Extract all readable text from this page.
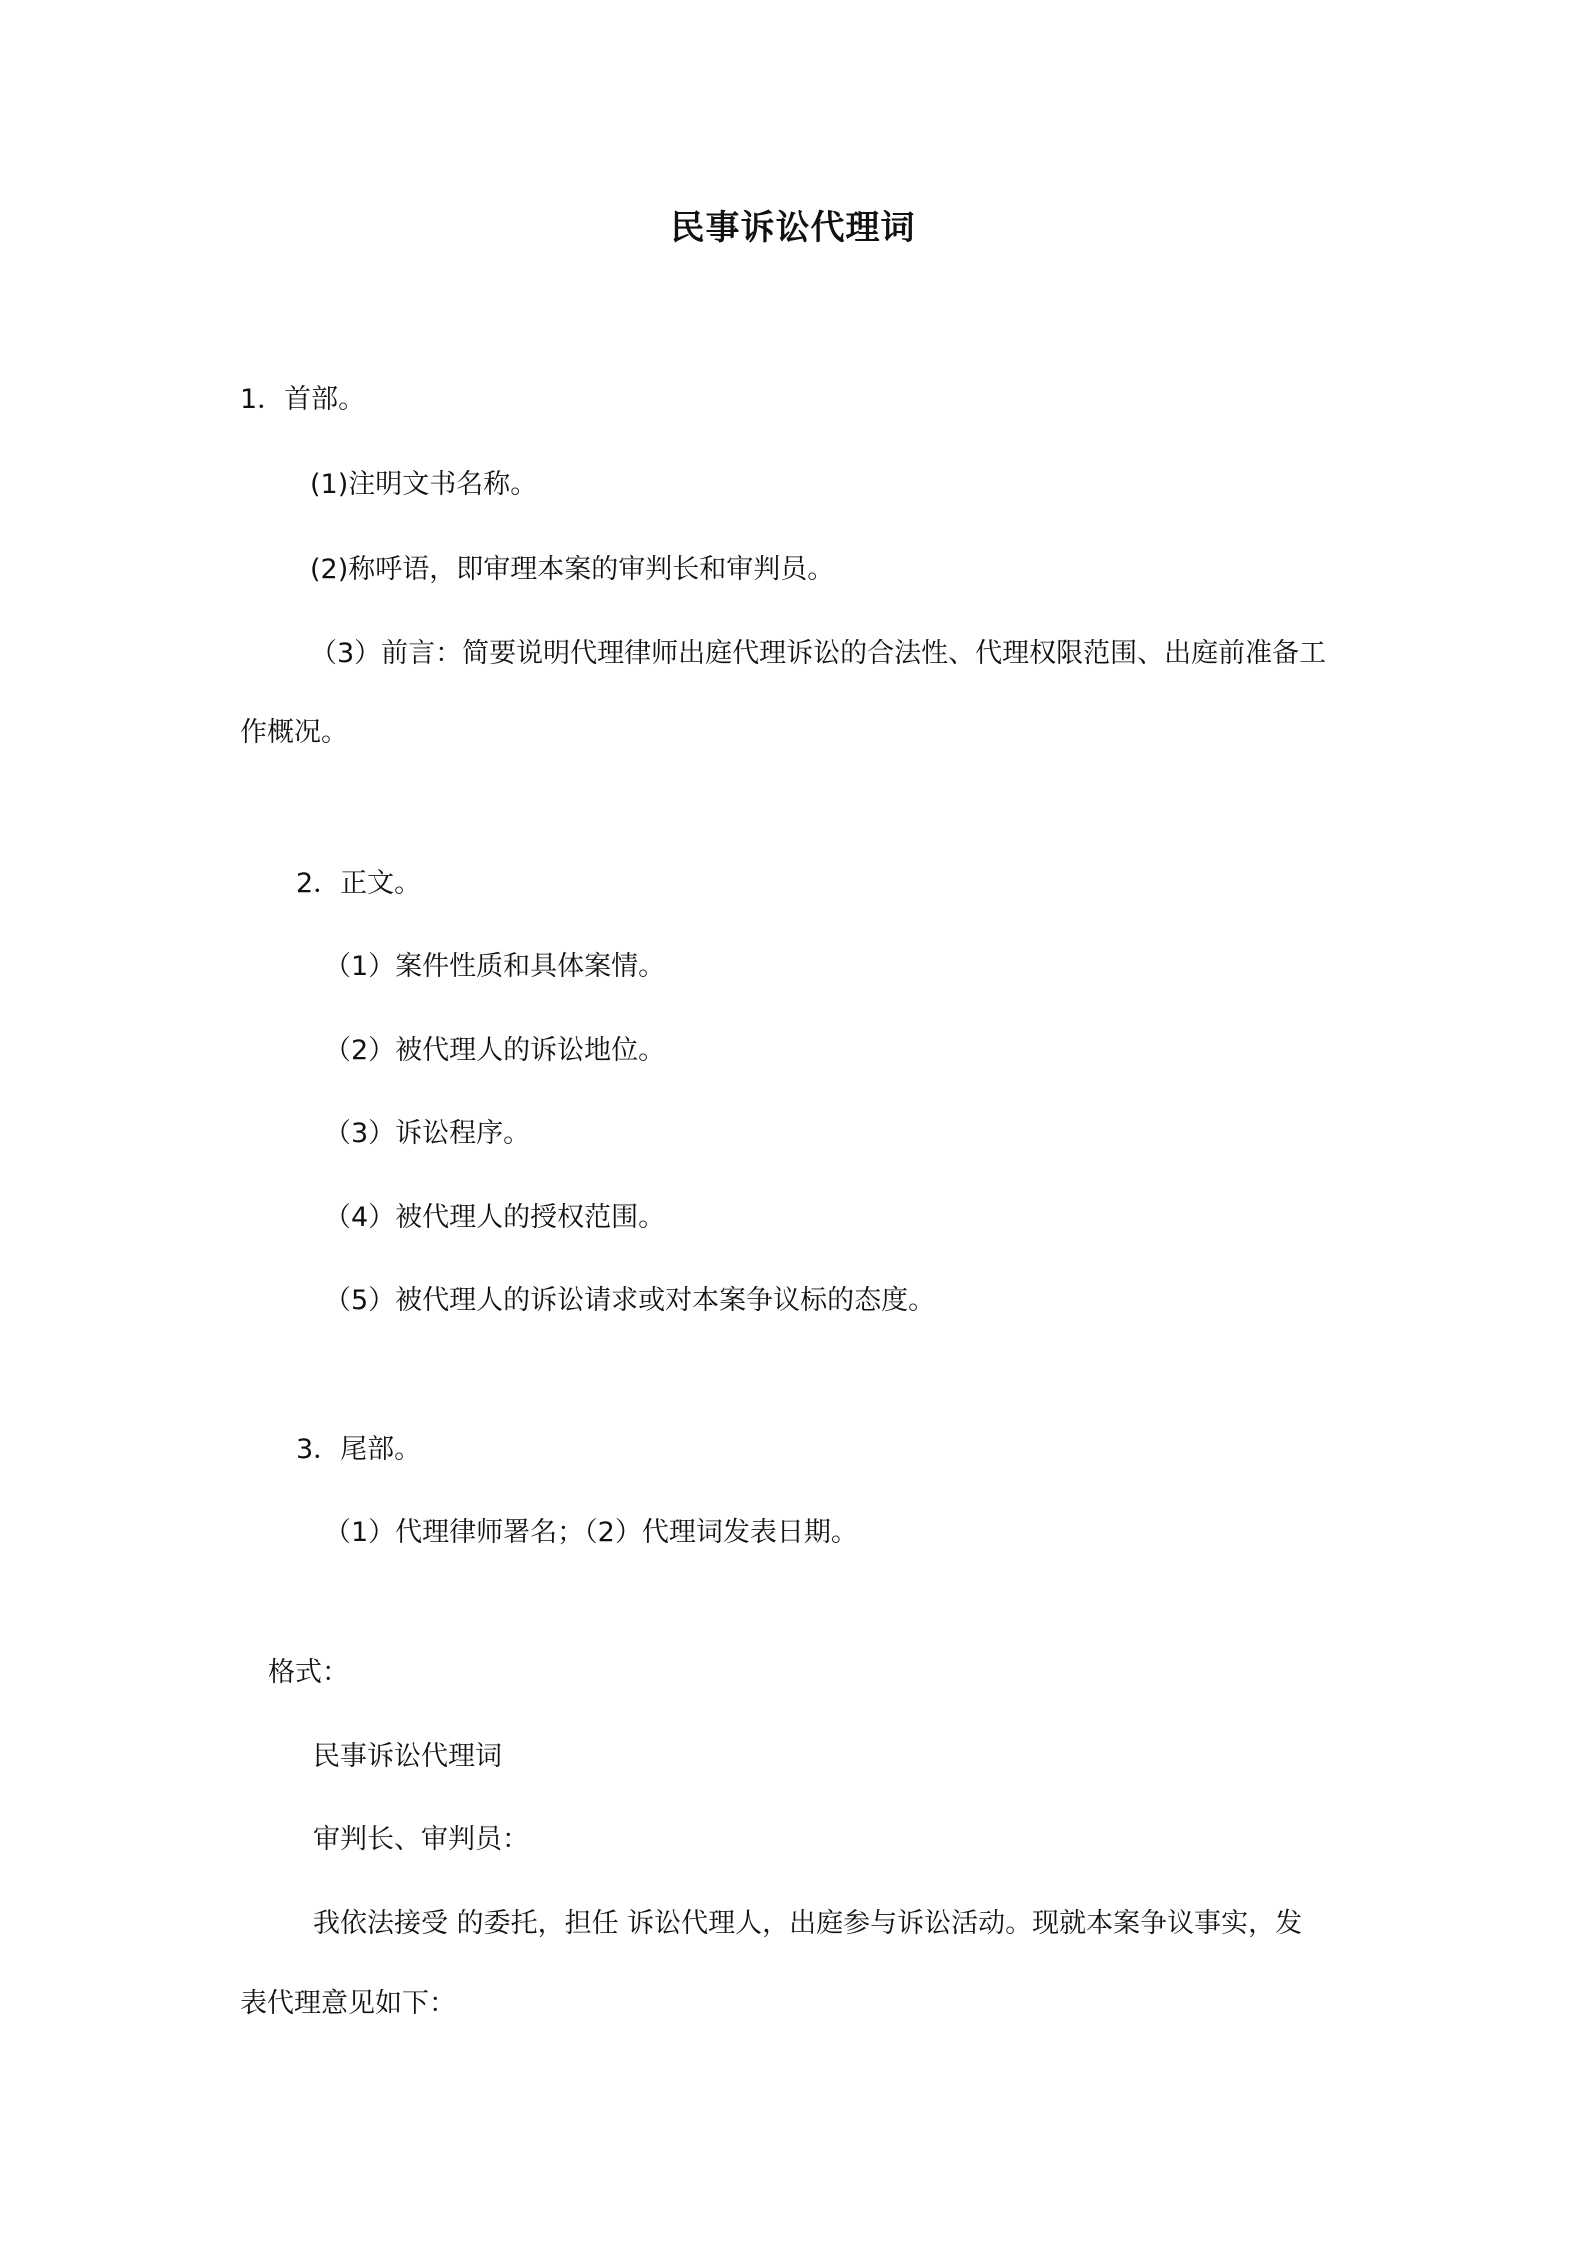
民事诉讼代理词
1．首部。
(1)注明文书名称。
(2)称呼语，即审理本案的审判长和审判员。
（3）前言：简要说明代理律师出庭代理诉讼的合法性、代理权限范围、出庭前准备工
作概况。
2．正文。
（1）案件性质和具体案情。
（2）被代理人的诉讼地位。
（3）诉讼程序。
（4）被代理人的授权范围。
（5）被代理人的诉讼请求或对本案争议标的态度。
3．尾部。
（1）代理律师署名；（2）代理词发表日期。
格式：
民事诉讼代理词
审判长、审判员：
我依法接受 的委托，担任 诉讼代理人，出庭参与诉讼活动。现就本案争议事实，发
表代理意见如下：
